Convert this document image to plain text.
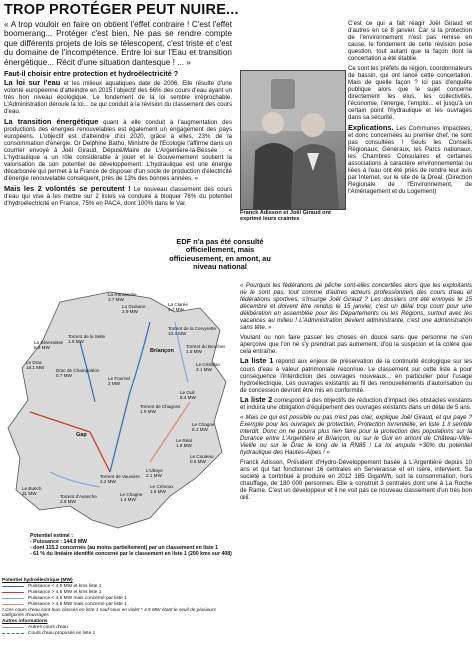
TROP PROTÉGER PEUT NUIRE...

« A trop vouloir en faire on obtient l'effet contraire ! C'est l'effet boomerang... Protéger c'est bien. Ne pas se rendre compte que différents projets de lois se télescopent, c'est triste et c'est du domaine de l'incompétence. Entre loi sur l'Eau et transition énergétique... Récit d'une situation dantesque ! ... »

Faut-il choisir entre protection et hydroélectricité ?

La loi sur l'eau et les milieux aquatiques date de 2006. Elle résulte d'une volonté européenne d'atteindre en 2015 l'objectif des 66% des cours d'eau ayant un très bon niveau écologique. Le fondement de la loi semble irréprochable. L'Administration déroule la loi... ce qui conduit à la révision du classement des cours d'eau.

La transition énergétique quant à elle conduit à l'augmentation des productions des énergies renouvelables est également un engagement des pays européens. L'objectif est d'atteindre d'ici 2020, grâce à elles, 23% de la consommation d'énergie. Or Delphine Batho, Ministre de l'Ecologie l'affirme dans un courrier envoyé à Joël Giraud, Député/Maire de L'Argentière-la-Bessée : « L'hydraulique a un rôle considérable à jouer et le Gouvernement soutient la valorisation de son potentiel de développement. L'hydraulique est une énergie décarbonée qui permet à la France de disposer d'un socle de production d'électricité d'énergie renouvelable conséquent, près de 13% des bonnes années. »

Mais les 2 volontés se percutent ! Le nouveau classement des cours d'eau qui vise à les mettre sur 2 listes va conduire à bloquer 76% du potentiel d'hydroélectricité en France, 75% en PACA, dont 100% dans le Var.

Franck Adisson et Joël Giraud ont exprimé leurs craintes

C'est ce qui a fait réagir Joël Giraud et d'autres en ce 8 janvier. Car si la protection de l'environnement n'est pas remise en cause, le fondement de cette révision pose question, tout autant que la façon dont la concertation a été établie.

Ce sont les préfets de région, coordonnateurs de bassin, qui ont lancé cette concertation. Mais de quelle façon ? Ici pas d'enquête publique alors que le sujet concerne directement les élus, les collectivités, l'économie, l'énergie, l'emploi... et jusqu'à un certain point l'hydraulique et les ouvrages dans sa sécurité.

Explications. Les Communes impactées, et donc concernées au premier chef, ne sont pas consultées ! Seuls les Conseils Régionaux, Généraux, les Parcs nationaux, les Chambres Consulaires et certaines associations à caractère environnemental ou liées à l'eau ont été priés de rendre leur avis par Internet, sur le site de la Dreal. (Direction Régionale de l'Environnement, de l'Aménagement et du Logement)

EDF n'a pas été consulté officiellement, mais officieusement, en amont, au niveau national

« Pourquoi les fédérations de pêche sont-elles concertées alors que les exploitants ne le sont pas, tout comme d'autres acteurs professionnels des cours d'eau et fédérations sportives, s'insurge Joël Giraud ? Les dossiers ont été envoyés le 15 décembre et doivent être rendus le 15 janvier, c'est un délai trop court pour une délibération en assemblée pour les Départements ou les Régions, surtout avec les vacances au milieu ! L'Administration devient administrante, c'est une administration sans tête. »

Voulant ou non faire passer les choses en douce sans que personne ne s'en aperçoive que l'on ne s'y prendrait pas autrement, d'où la suspicion et la colère que cela entraîne.

La liste 1 répond aux enjeux de préservation de la continuité écologique sur les cours d'eau à valeur patrimoniale reconnue. Le classement sur cette liste a pour conséquence l'interdiction des ouvrages nouveaux... en particulier pour l'usage hydroélectrique. Les ouvrages existants au fil des renouvellements d'autorisation ou de concession devront être mis en conformité.

La liste 2 correspond à des objectifs de réduction d'impact des obstacles existants et induira une obligation d'équipement des ouvrages existants dans un délai de 5 ans.

« Mais ce qui est possible ou pas n'est pas clair, explique Joël Giraud, et qui paye ? Exemple pour les ouvrages de protection, Protection torrentielle, en liste 1 il semble interdit. Donc on ne pourra plus rien faire pour la protection des populations sur la Durance entre L'Argentière et Briançon, ou sur le Guil en amont de Château-Ville-Vieille ou sur le Drac le long de la RN85 ! La loi ampute +30% du potentiel hydraulique des Hautes-Alpes ! »

Franck Adisson, Président d'Hydro-Développement basée à L'Argentière depuis 10 ans et qui fait fonctionner 16 centrales en Serveraisse et en isère, intervient. Sa société a contribué à produire en 2012 185 GigaW/h, soit la consommation, hors chauffage, de 180 000 personnes. Elle a construit 3 centrales dont une à La Roche de Rame. C'est un développeur et il ne voit pas ce nouveau classement d'un très bon œil.

La Romanche
3.7 MW
La Guisane
2.9 MW
La Clarée
4.2 MW
Torrent de la Cervyrette
10.4 MW
La Séveraisse
8.9 MW
Torrent de la Selle
1.9 MW
Le Drac
18.1 MW
Briançon
Torrent du Bouchet
1.5 MW
Le Cristillan
3.1 MW
Drac de Champoléon
0.7 MW
Le Fournel
2 MW
Le Guil
8.4 MW
Torrent de Chagnes
1.9 MW
Le Chagne
8.1 MW
Le Réal
1.9 MW
Le Couleau
0.6 MW
L'Ubaye
2.1 MW
Le Crévoux
1.6 MW
Gap
Torrent de Vauvière
2.2 MW
Le Buëch
31 MW
Torrent d'Avanche
2.9 MW
Le Chagne
1.4 MW
Potentiel estimé :
- Puissance : 144.9 MW
- dont 115.2 concernés (au moins partiellement) par un classement en liste 1
- 61 % du linéaire identifié concerné par le classement en liste 1 (200 kms sur 408)
Potentiel hydroélectrique (MW)
Puissance < 4,5 MW et kms liste 1
Puissance > 4,5 MW et kms liste 1
Puissance < 4,5 MW mais concerné par liste 1
Puissance > 4,5 MW mais concerné par liste 1
* Ces cours d'eau sont tous classés en liste 1 sauf ceux en violet * 4.5 MW étant le seuil de plusieurs catégories d'ouvrages
Autres informations
Autres cours d'eau
Cours d'eau proposés en liste 1
